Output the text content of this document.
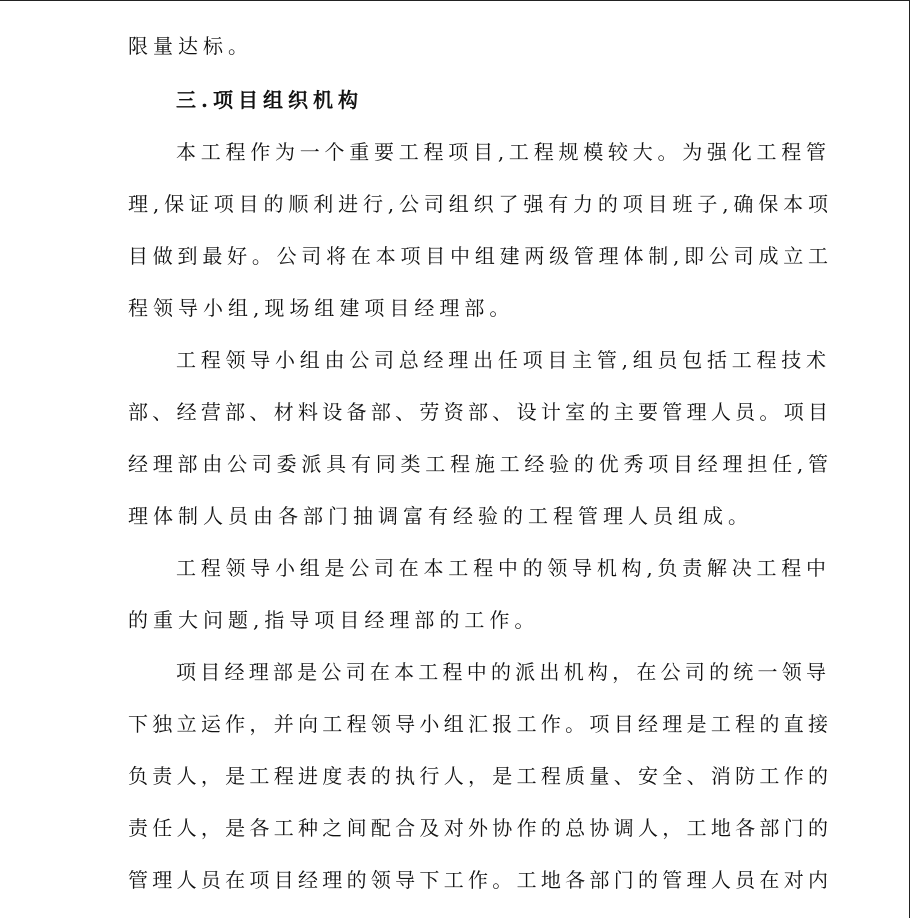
限量达标。
三.项目组织机构
本工程作为一个重要工程项目,工程规模较大。为强化工程管
理,保证项目的顺利进行,公司组织了强有力的项目班子,确保本项
目做到最好。公司将在本项目中组建两级管理体制,即公司成立工
程领导小组,现场组建项目经理部。
工程领导小组由公司总经理出任项目主管,组员包括工程技术
部、经营部、材料设备部、劳资部、设计室的主要管理人员。项目
经理部由公司委派具有同类工程施工经验的优秀项目经理担任,管
理体制人员由各部门抽调富有经验的工程管理人员组成。
工程领导小组是公司在本工程中的领导机构,负责解决工程中
的重大问题,指导项目经理部的工作。
项目经理部是公司在本工程中的派出机构，在公司的统一领导
下独立运作，并向工程领导小组汇报工作。项目经理是工程的直接
负责人，是工程进度表的执行人，是工程质量、安全、消防工作的
责任人，是各工种之间配合及对外协作的总协调人，工地各部门的
管理人员在项目经理的领导下工作。工地各部门的管理人员在对内
